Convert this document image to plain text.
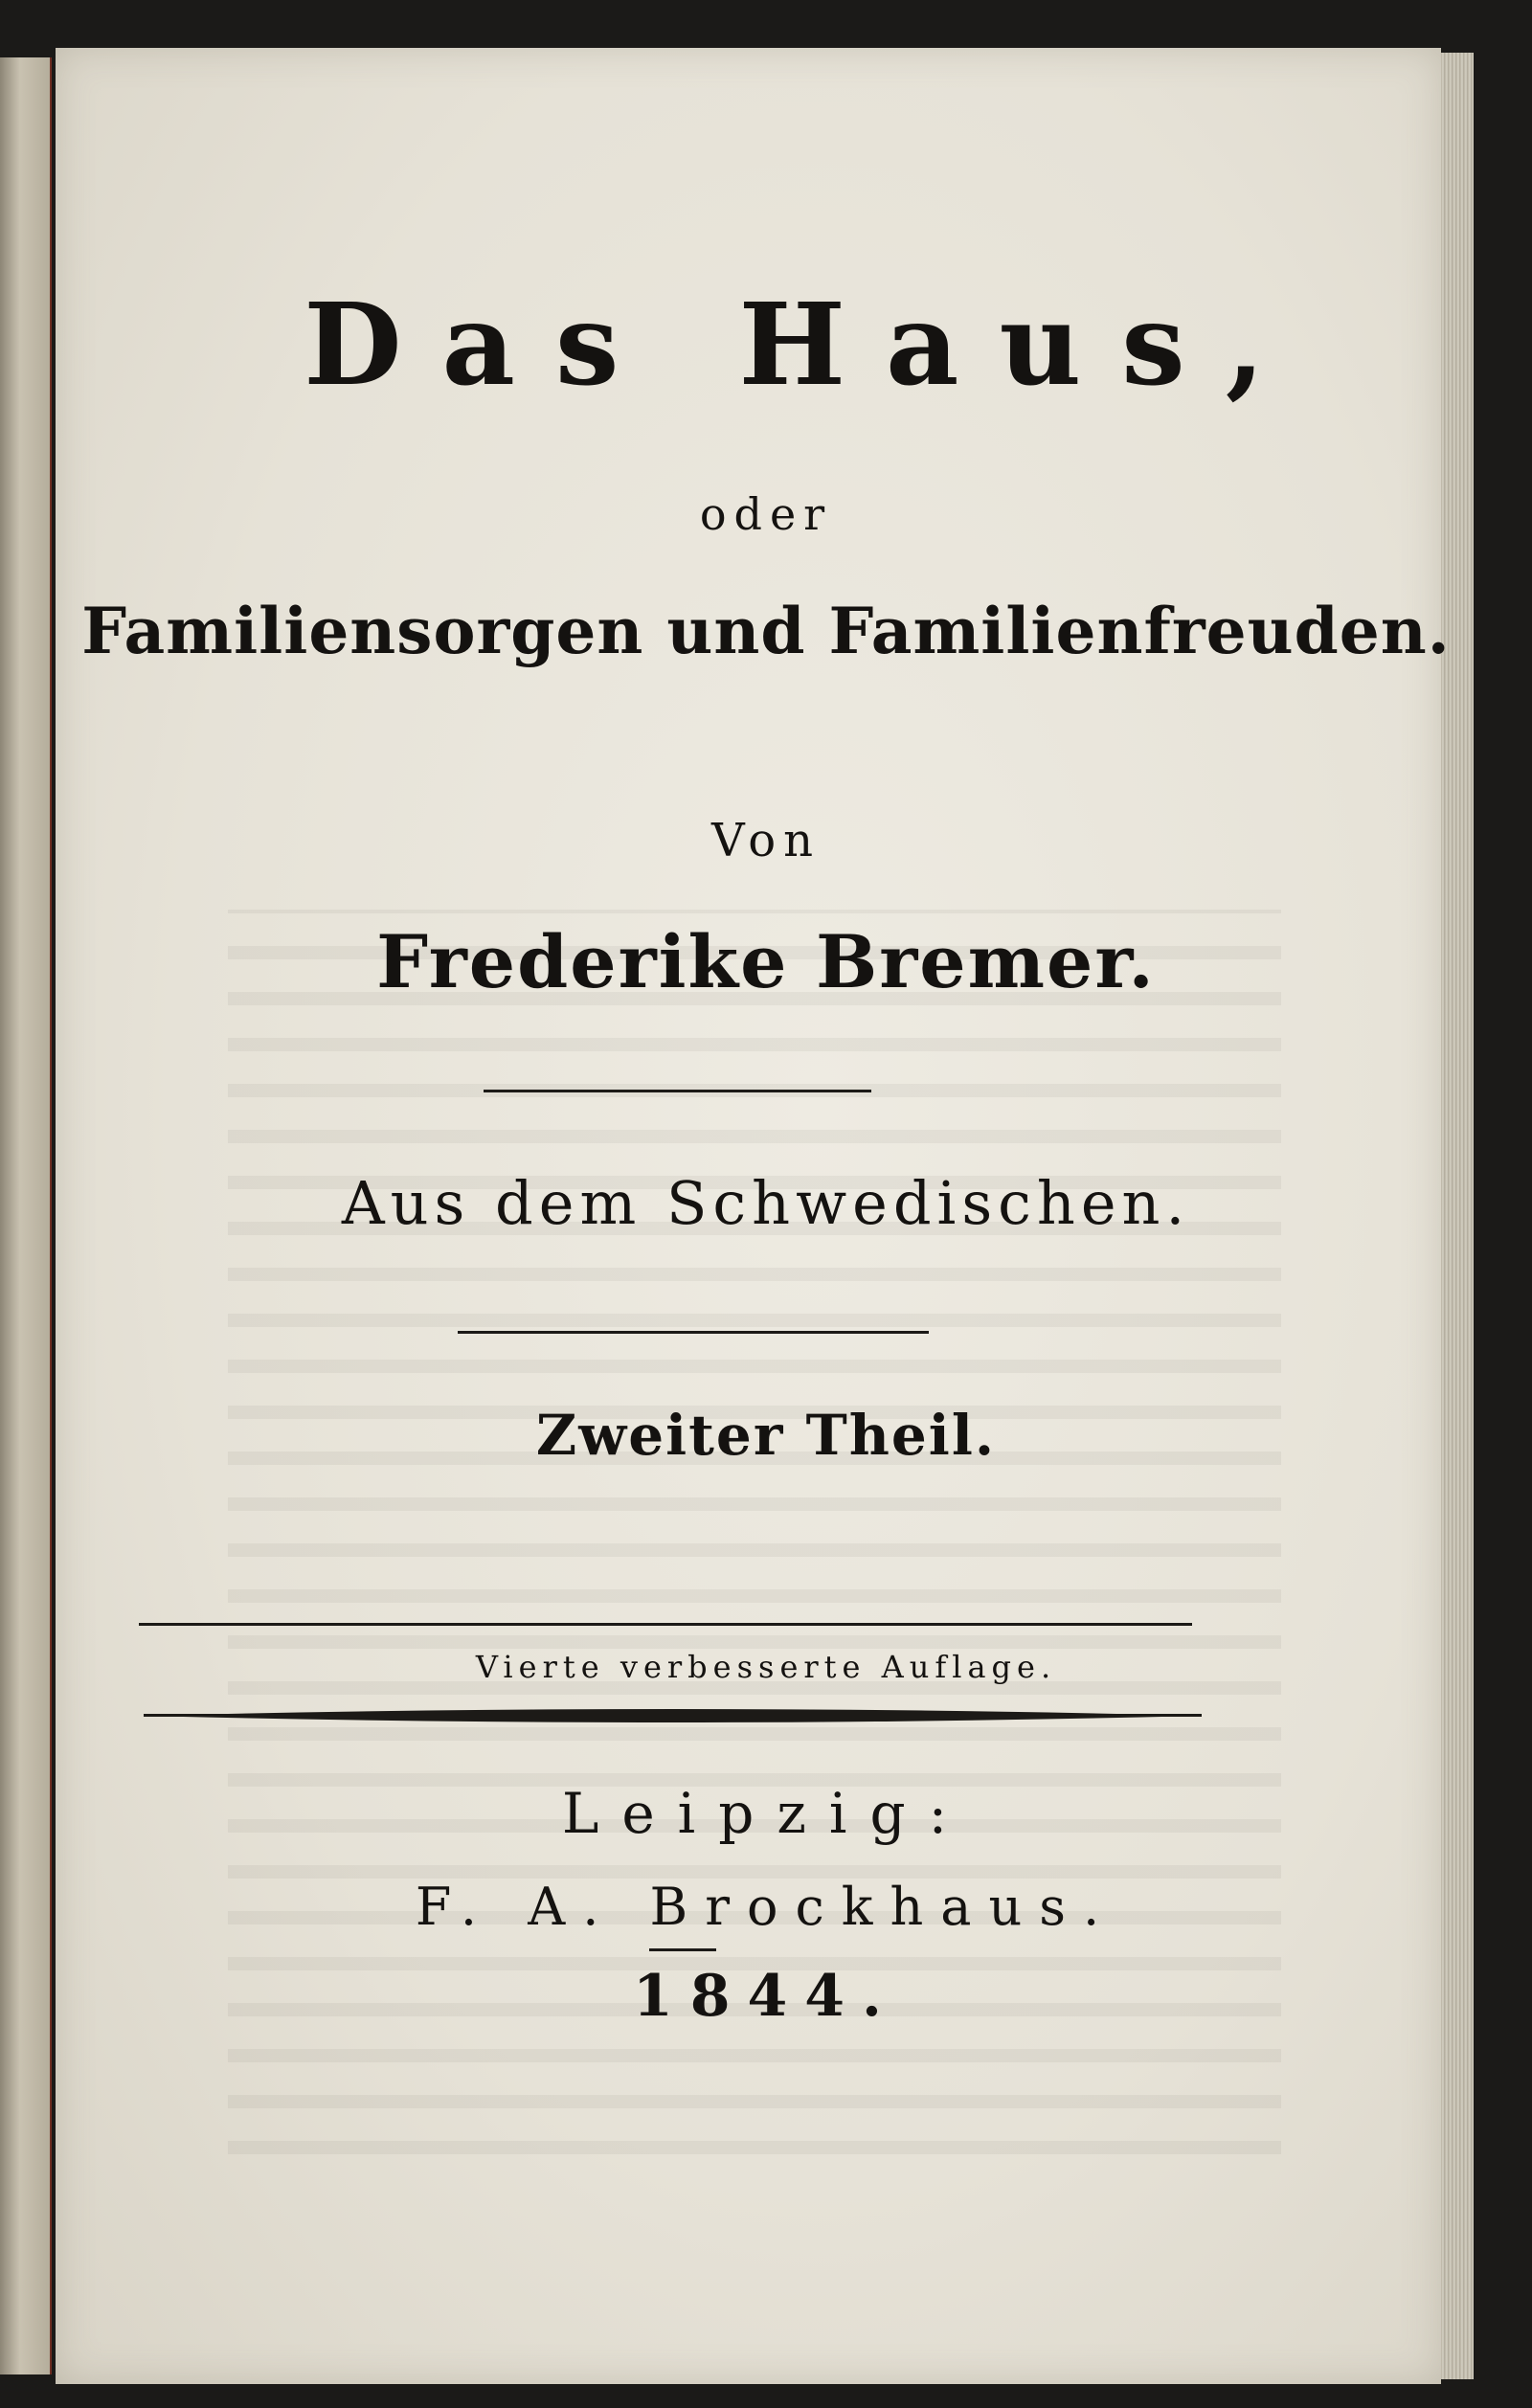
Das Haus,
oder
Familiensorgen und Familienfreuden.
Von
Frederike Bremer.
Aus dem Schwedischen.
Zweiter Theil.
Vierte verbesserte Auflage.
Leipzig:
F. A. Brockhaus.
1844.
